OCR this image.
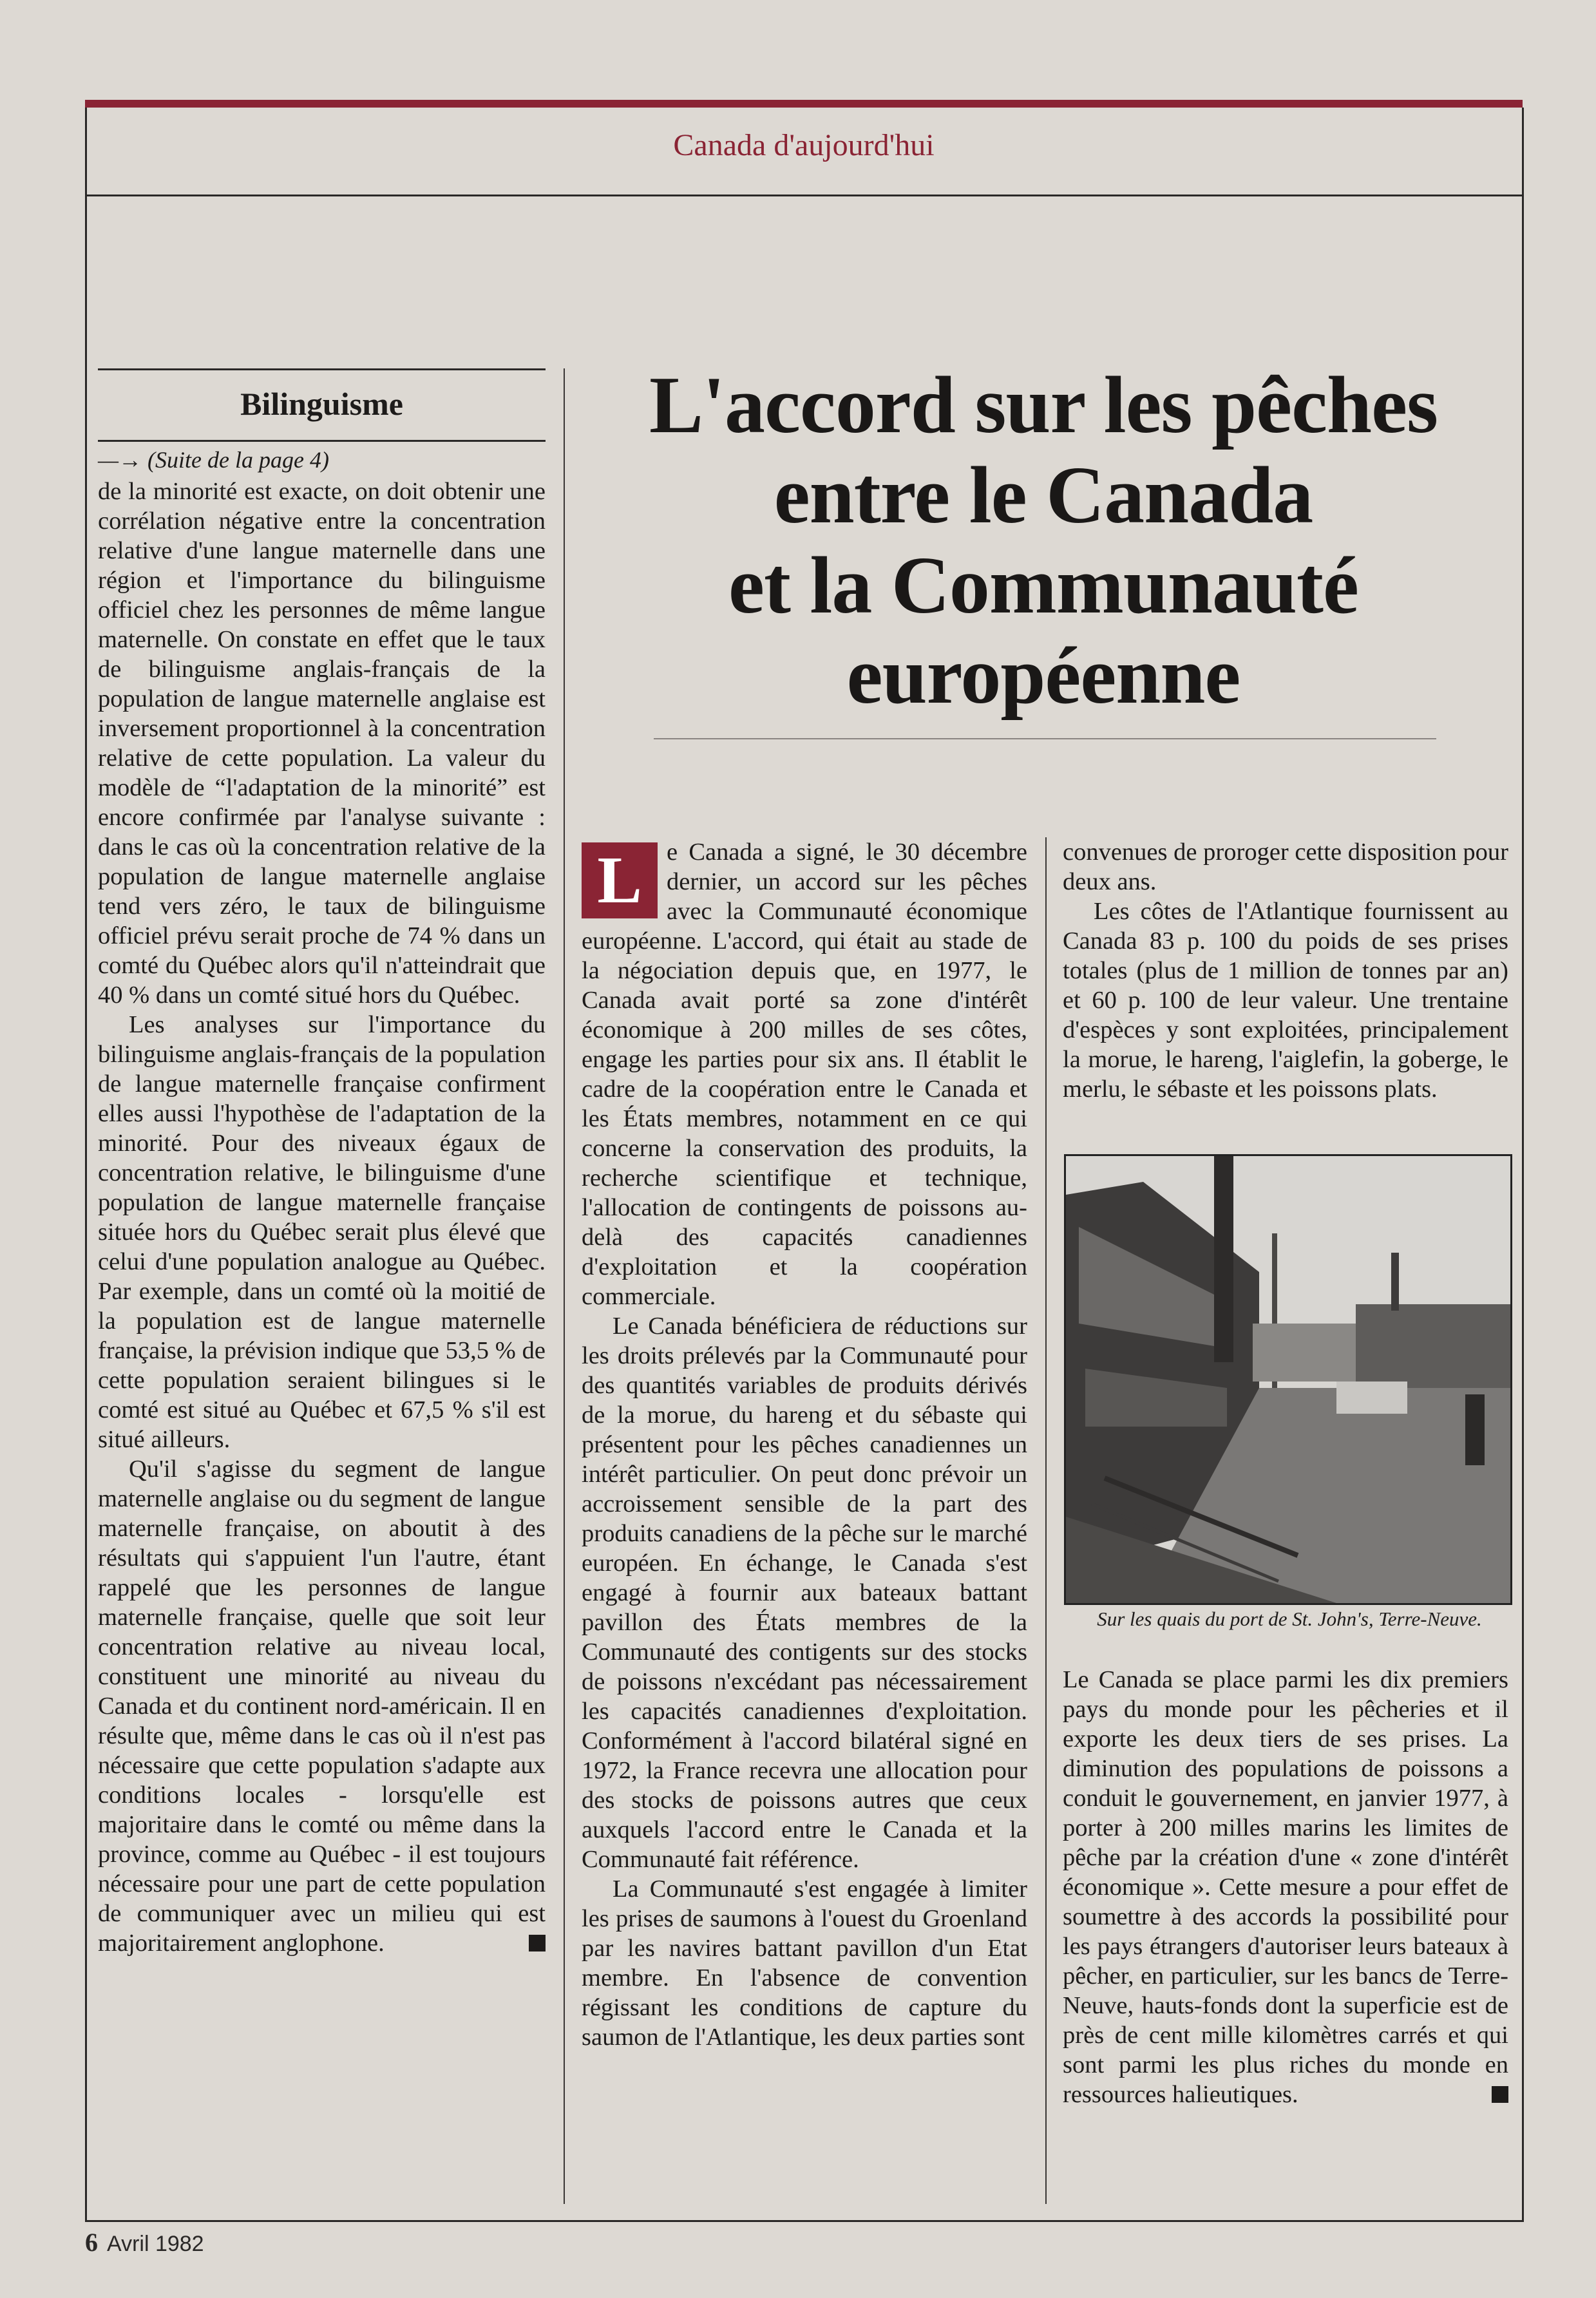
Canada d'aujourd'hui
Bilinguisme
—→ (Suite de la page 4)

de la minorité est exacte, on doit obtenir une corrélation négative entre la concentration relative d'une langue maternelle dans une région et l'importance du bilinguisme officiel chez les personnes de même langue maternelle. On constate en effet que le taux de bilinguisme anglais-français de la population de langue maternelle anglaise est inversement proportionnel à la concentration relative de cette population. La valeur du modèle de “l'adaptation de la minorité” est encore confirmée par l'analyse suivante : dans le cas où la concentration relative de la population de langue maternelle anglaise tend vers zéro, le taux de bilinguisme officiel prévu serait proche de 74 % dans un comté du Québec alors qu'il n'atteindrait que 40 % dans un comté situé hors du Québec.

Les analyses sur l'importance du bilinguisme anglais-français de la population de langue maternelle française confirment elles aussi l'hypothèse de l'adaptation de la minorité. Pour des niveaux égaux de concentration relative, le bilinguisme d'une population de langue maternelle française située hors du Québec serait plus élevé que celui d'une population analogue au Québec. Par exemple, dans un comté où la moitié de la population est de langue maternelle française, la prévision indique que 53,5 % de cette population seraient bilingues si le comté est situé au Québec et 67,5 % s'il est situé ailleurs.

Qu'il s'agisse du segment de langue maternelle anglaise ou du segment de langue maternelle française, on aboutit à des résultats qui s'appuient l'un l'autre, étant rappelé que les personnes de langue maternelle française, quelle que soit leur concentration relative au niveau local, constituent une minorité au niveau du Canada et du continent nord-américain. Il en résulte que, même dans le cas où il n'est pas nécessaire que cette population s'adapte aux conditions locales - lorsqu'elle est majoritaire dans le comté ou même dans la province, comme au Québec - il est toujours nécessaire pour une part de cette population de communiquer avec un milieu qui est majoritairement anglophone.

L'accord sur les pêches
entre le Canada
et la Communauté
européenne

L e Canada a signé, le 30 décembre dernier, un accord sur les pêches avec la Communauté économique européenne. L'accord, qui était au stade de la négociation depuis que, en 1977, le Canada avait porté sa zone d'intérêt économique à 200 milles de ses côtes, engage les parties pour six ans. Il établit le cadre de la coopération entre le Canada et les États membres, notamment en ce qui concerne la conservation des produits, la recherche scientifique et technique, l'allocation de contingents de poissons au-delà des capacités canadiennes d'exploitation et la coopération commerciale.

Le Canada bénéficiera de réductions sur les droits prélevés par la Communauté pour des quantités variables de produits dérivés de la morue, du hareng et du sébaste qui présentent pour les pêches canadiennes un intérêt particulier. On peut donc prévoir un accroissement sensible de la part des produits canadiens de la pêche sur le marché européen. En échange, le Canada s'est engagé à fournir aux bateaux battant pavillon des États membres de la Communauté des contigents sur des stocks de poissons n'excédant pas nécessairement les capacités canadiennes d'exploitation. Conformément à l'accord bilatéral signé en 1972, la France recevra une allocation pour des stocks de poissons autres que ceux auxquels l'accord entre le Canada et la Communauté fait référence.

La Communauté s'est engagée à limiter les prises de saumons à l'ouest du Groenland par les navires battant pavillon d'un Etat membre. En l'absence de convention régissant les conditions de capture du saumon de l'Atlantique, les deux parties sont

convenues de proroger cette disposition pour deux ans.

Les côtes de l'Atlantique fournissent au Canada 83 p. 100 du poids de ses prises totales (plus de 1 million de tonnes par an) et 60 p. 100 de leur valeur. Une trentaine d'espèces y sont exploitées, principalement la morue, le hareng, l'aiglefin, la goberge, le merlu, le sébaste et les poissons plats.

Sur les quais du port de St. John's, Terre-Neuve.

Le Canada se place parmi les dix premiers pays du monde pour les pêcheries et il exporte les deux tiers de ses prises. La diminution des populations de poissons a conduit le gouvernement, en janvier 1977, à porter à 200 milles marins les limites de pêche par la création d'une « zone d'intérêt économique ». Cette mesure a pour effet de soumettre à des accords la possibilité pour les pays étrangers d'autoriser leurs bateaux à pêcher, en particulier, sur les bancs de Terre-Neuve, hauts-fonds dont la superficie est de près de cent mille kilomètres carrés et qui sont parmi les plus riches du monde en ressources halieutiques.

6 Avril 1982
